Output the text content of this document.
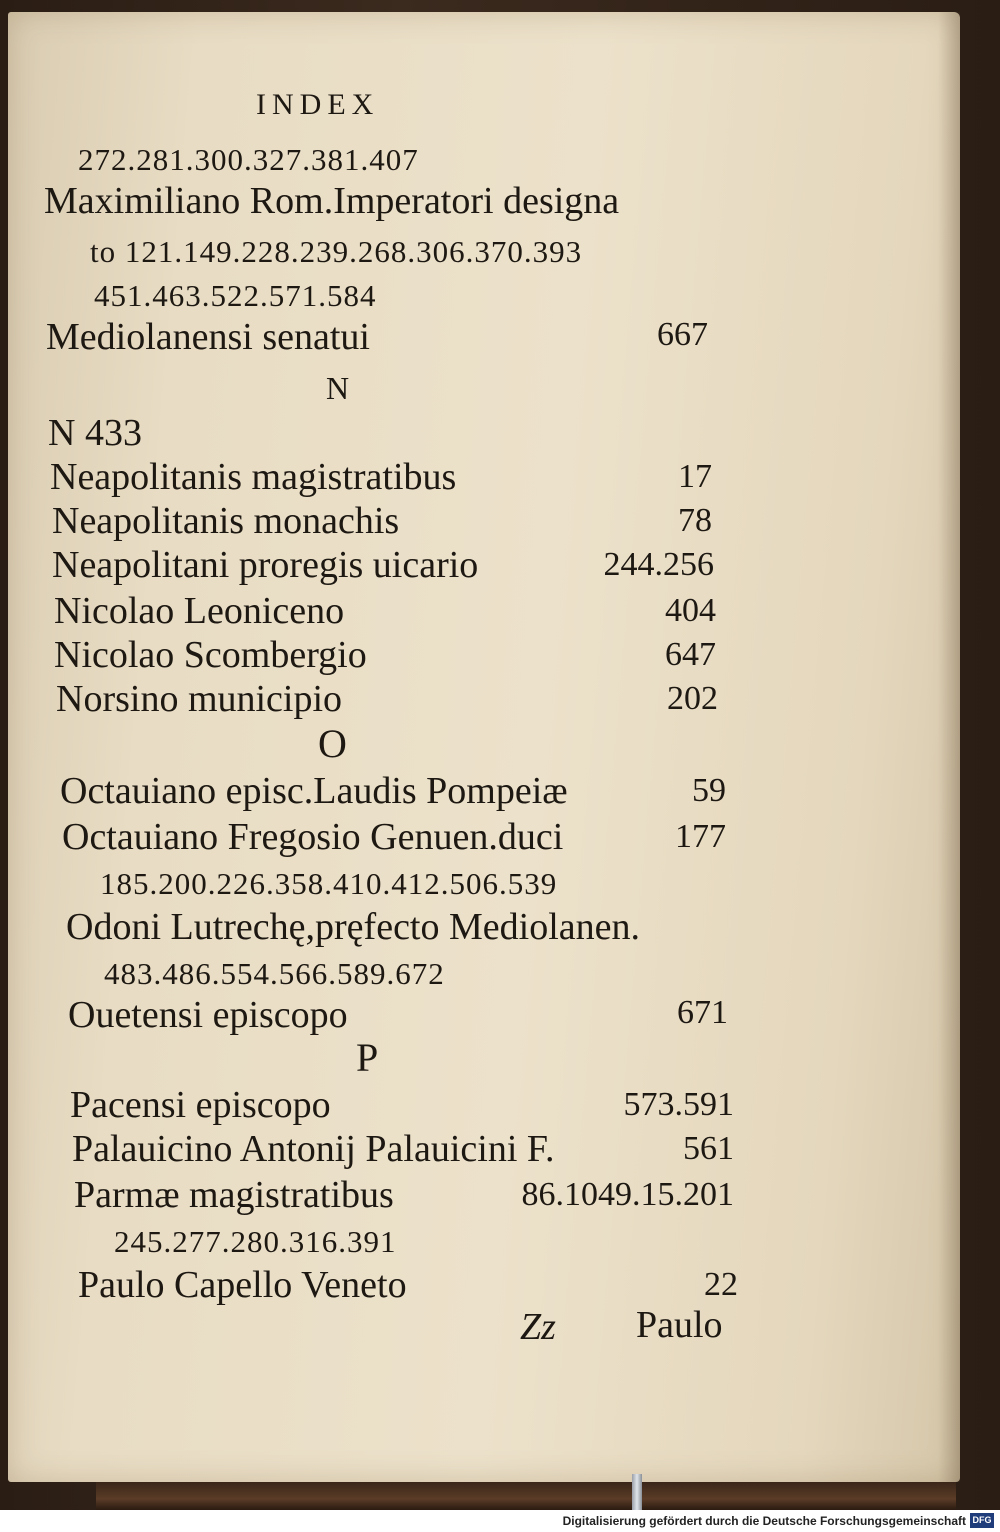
INDEX
272.281.300.327.381.407
Maximiliano Rom.Imperatori designa
to 121.149.228.239.268.306.370.393
451.463.522.571.584
Mediolanensi senatui	667
N
N 433
Neapolitanis magistratibus	17
Neapolitanis monachis	78
Neapolitani proregis uicario	244.256
Nicolao Leoniceno	404
Nicolao Scombergio	647
Norsino municipio	202
O
Octauiano episc.Laudis Pompeiæ	59
Octauiano Fregosio Genuen.duci	177
185.200.226.358.410.412.506.539
Odoni Lutrechę,pręfecto Mediolanen.
483.486.554.566.589.672
Ouetensi episcopo	671
P
Pacensi episcopo	573.591
Palauicino Antonij Palauicini F.	561
Parmæ magistratibus	86.1049.15.201
245.277.280.316.391
Paulo Capello Veneto	22
Zz Paulo
Digitalisierung gefördert durch die Deutsche Forschungsgemeinschaft DFG
